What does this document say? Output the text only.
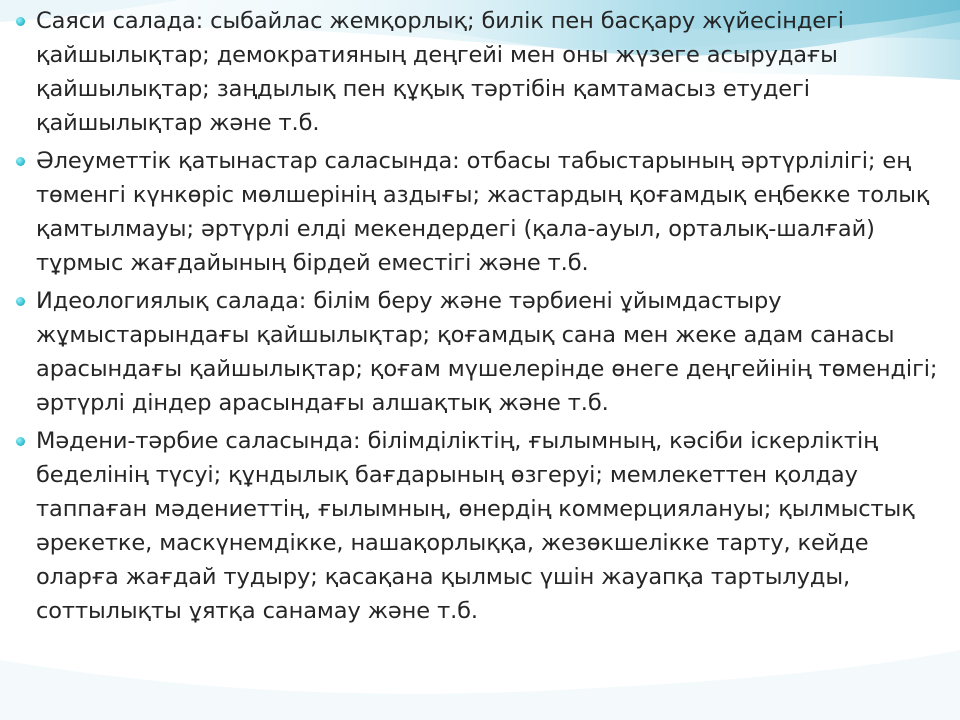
Саяси салада: сыбайлас жемқорлық; билік пен басқару жүйесіндегі қайшылықтар; демократияның деңгейі мен оны жүзеге асырудағы қайшылықтар; заңдылық пен құқық тәртібін қамтамасыз етудегі қайшылықтар және т.б.
Әлеуметтік қатынастар саласында: отбасы табыстарының әртүрлілігі; ең төменгі күнкөріс мөлшерінің аздығы; жастардың қоғамдық еңбекке толық қамтылмауы; әртүрлі елді мекендердегі (қала-ауыл, орталық-шалғай) тұрмыс жағдайының бірдей еместігі және т.б.
Идеологиялық салада: білім беру және тәрбиені ұйымдастыру жұмыстарындағы қайшылықтар; қоғамдық сана мен жеке адам санасы арасындағы қайшылықтар; қоғам мүшелерінде өнеге деңгейінің төмендігі; әртүрлі діндер арасындағы алшақтық және т.б.
Мәдени-тәрбие саласында: білімділіктің, ғылымның, кәсіби іскерліктің беделінің түсуі; құндылық бағдарының өзгеруі; мемлекеттен қолдау таппаған мәдениеттің, ғылымның, өнердің коммерциялануы; қылмыстық әрекетке, маскүнемдікке, нашақорлыққа, жезөкшелікке тарту, кейде оларға жағдай тудыру; қасақана қылмыс үшін жауапқа тартылуды, соттылықты ұятқа санамау және т.б.
